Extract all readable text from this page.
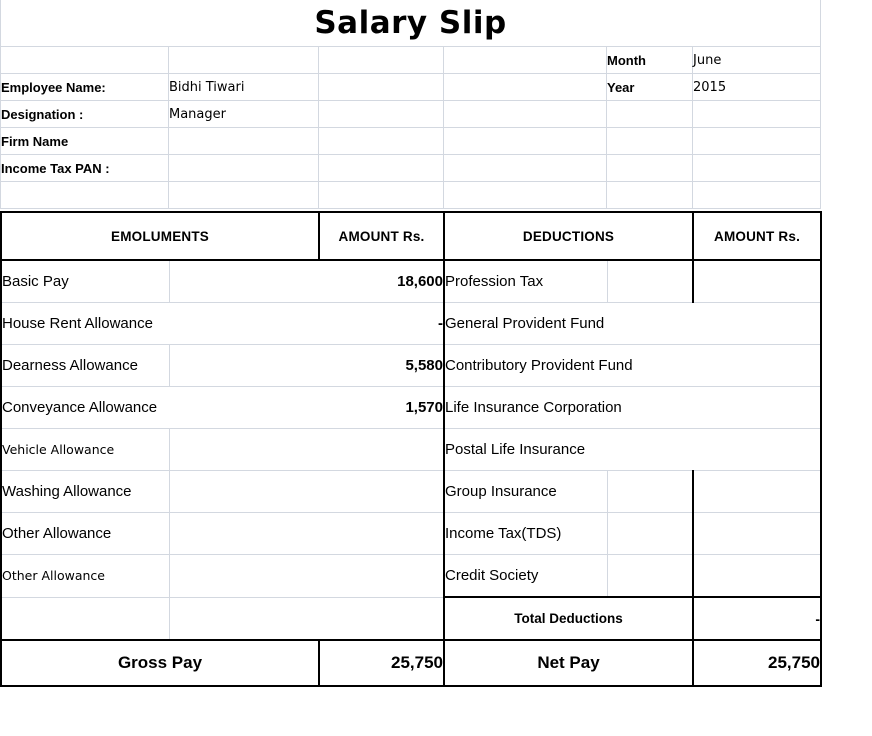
Salary Slip					
				Month	June
Employee Name:	Bidhi Tiwari			Year	2015
Designation :	Manager				
Firm Name					
Income Tax PAN :					

EMOLUMENTS		AMOUNT Rs.	DEDUCTIONS		AMOUNT Rs.
Basic Pay		18,600	Profession Tax		
House Rent Allowance		-	General Provident Fund		
Dearness Allowance		5,580	Contributory Provident Fund		
Conveyance Allowance		1,570	Life Insurance Corporation		
Vehicle Allowance			Postal Life Insurance		
Washing Allowance			Group Insurance		
Other Allowance			Income Tax(TDS)		
Other Allowance			Credit Society		
			Total Deductions		-
Gross Pay		25,750	Net Pay		25,750
